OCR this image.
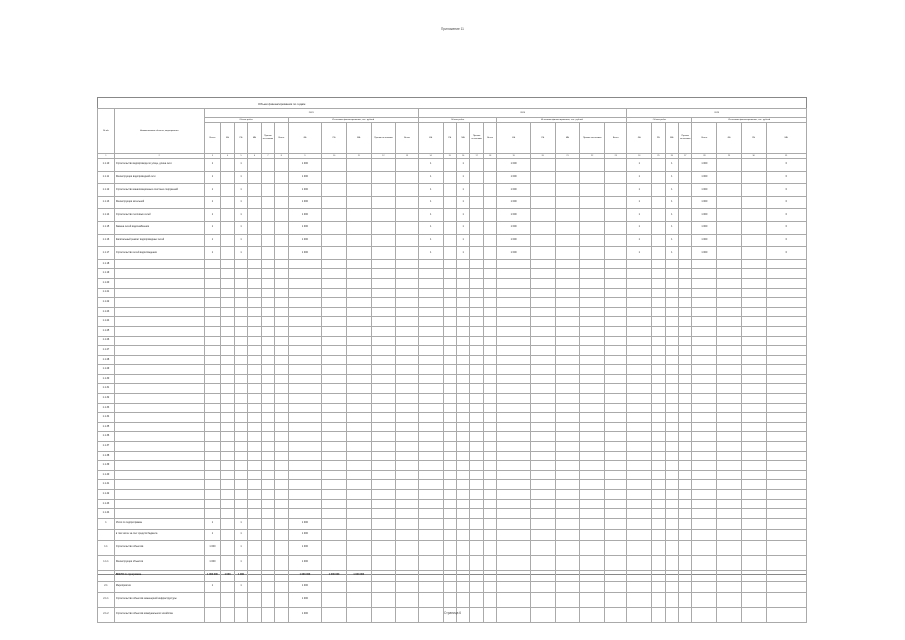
Приложение 11
Объем финансирования по годам
№ п/п	Наименование объекта, мероприятия	2023											2024										2025							
		Объем работ						Источники финансирования, тыс. рублей					Объем работ					Источники финансирования, тыс. рублей					Объем работ				Источники финансирования, тыс. рублей			
		Всего	ФБ	РБ	МБ	Прочие источники	Всего	ФБ	РБ	МБ	Прочие источники	Всего	ФБ	РБ	МБ	Прочие источники	Всего	ФБ	РБ	МБ	Прочие источники	Всего	ФБ	РБ	МБ	Прочие источники	Всего	ФБ	РБ	МБ
1	2	3	4	5	6	7	8	9	10	11	12	13	14	15	16	17	18	19	20	21	22	23	24	25	26	27	28	29	30	31
1.1.10	Строительство водопровода по улице, длина сети	1		1				1 000					1		1			1 000					1		1		1 000			0
1.1.11	Реконструкция водопроводной сети	1		1				1 000					1		1			1 000					1		1		1 000			0
1.1.12	Строительство канализационных очистных сооружений	1		1				1 000					1		1			1 000					1		1		1 000			0
1.1.13	Реконструкция котельной	1		1				1 000					1		1			1 000					1		1		1 000			0
1.1.14	Строительство тепловых сетей	1		1				1 000					1		1			1 000					1		1		1 000			0
1.1.15	Замена сетей водоснабжения	1		1				1 000					1		1			1 000					1		1		1 000			0
1.1.16	Капитальный ремонт водопроводных сетей	1		1				1 000					1		1			1 000					1		1		1 000			0
1.1.17	Строительство сетей водоотведения	1		1				1 000					1		1			1 000					1		1		1 000			0
1.1.18																														
1.1.19																														
1.1.20																														
1.1.21																														
1.1.22																														
1.1.23																														
1.1.24																														
1.1.25																														
1.1.26																														
1.1.27																														
1.1.28																														
1.1.29																														
1.1.30																														
1.1.31																														
1.1.32																														
1.1.33																														
1.1.34																														
1.1.35																														
1.1.36																														
1.1.37																														
1.1.38																														
1.1.39																														
1.1.40																														
1.1.41																														
1.1.42																														
1.1.43																														
1.1.44																														
1	Итого по подпрограмме	1		1				1 000																						
	в том числе за счет средств бюджета	1		1				1 000																						
1.1	Строительство объектов	1 000		1				1 000																						
1.1.1	Реконструкция объектов	1 000		1				1 000																						
	ВСЕГО по программе	1 000 000	1 000	1 000				1 000 000	1 000 000	1 000 000																				
2.1	Мероприятия	1		1				1 000																						
2.1.1	Строительство объектов инженерной инфраструктуры							1 000																						
2.1.2	Строительство объектов коммунального хозяйства							1 000																							Страница 6
